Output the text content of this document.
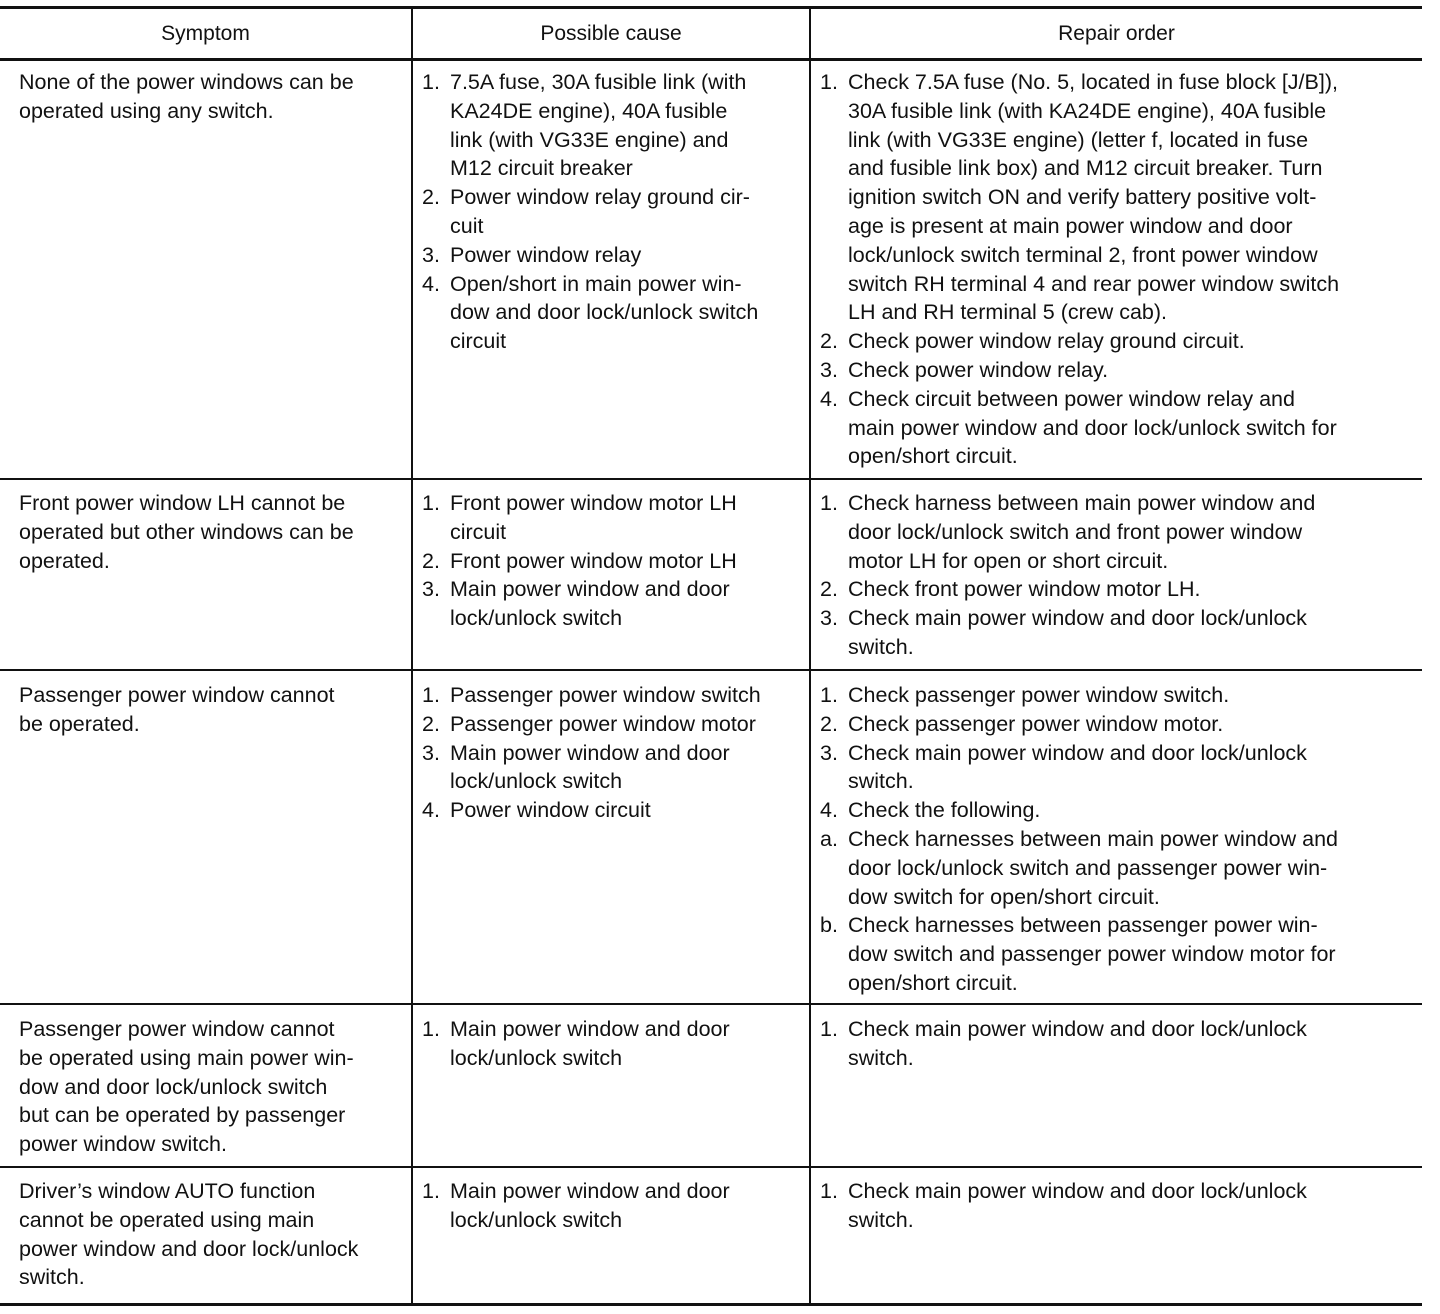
Symptom	Possible cause	Repair order
None of the power windows can be
operated using any switch.
1. 7.5A fuse, 30A fusible link (with
KA24DE engine), 40A fusible
link (with VG33E engine) and
M12 circuit breaker
2. Power window relay ground cir-
cuit
3. Power window relay
4. Open/short in main power win-
dow and door lock/unlock switch
circuit
1. Check 7.5A fuse (No. 5, located in fuse block [J/B]),
30A fusible link (with KA24DE engine), 40A fusible
link (with VG33E engine) (letter f, located in fuse
and fusible link box) and M12 circuit breaker. Turn
ignition switch ON and verify battery positive volt-
age is present at main power window and door
lock/unlock switch terminal 2, front power window
switch RH terminal 4 and rear power window switch
LH and RH terminal 5 (crew cab).
2. Check power window relay ground circuit.
3. Check power window relay.
4. Check circuit between power window relay and
main power window and door lock/unlock switch for
open/short circuit.
Front power window LH cannot be
operated but other windows can be
operated.
1. Front power window motor LH
circuit
2. Front power window motor LH
3. Main power window and door
lock/unlock switch
1. Check harness between main power window and
door lock/unlock switch and front power window
motor LH for open or short circuit.
2. Check front power window motor LH.
3. Check main power window and door lock/unlock
switch.
Passenger power window cannot
be operated.
1. Passenger power window switch
2. Passenger power window motor
3. Main power window and door
lock/unlock switch
4. Power window circuit
1. Check passenger power window switch.
2. Check passenger power window motor.
3. Check main power window and door lock/unlock
switch.
4. Check the following.
a. Check harnesses between main power window and
door lock/unlock switch and passenger power win-
dow switch for open/short circuit.
b. Check harnesses between passenger power win-
dow switch and passenger power window motor for
open/short circuit.
Passenger power window cannot
be operated using main power win-
dow and door lock/unlock switch
but can be operated by passenger
power window switch.
1. Main power window and door
lock/unlock switch
1. Check main power window and door lock/unlock
switch.
Driver’s window AUTO function
cannot be operated using main
power window and door lock/unlock
switch.
1. Main power window and door
lock/unlock switch
1. Check main power window and door lock/unlock
switch.
